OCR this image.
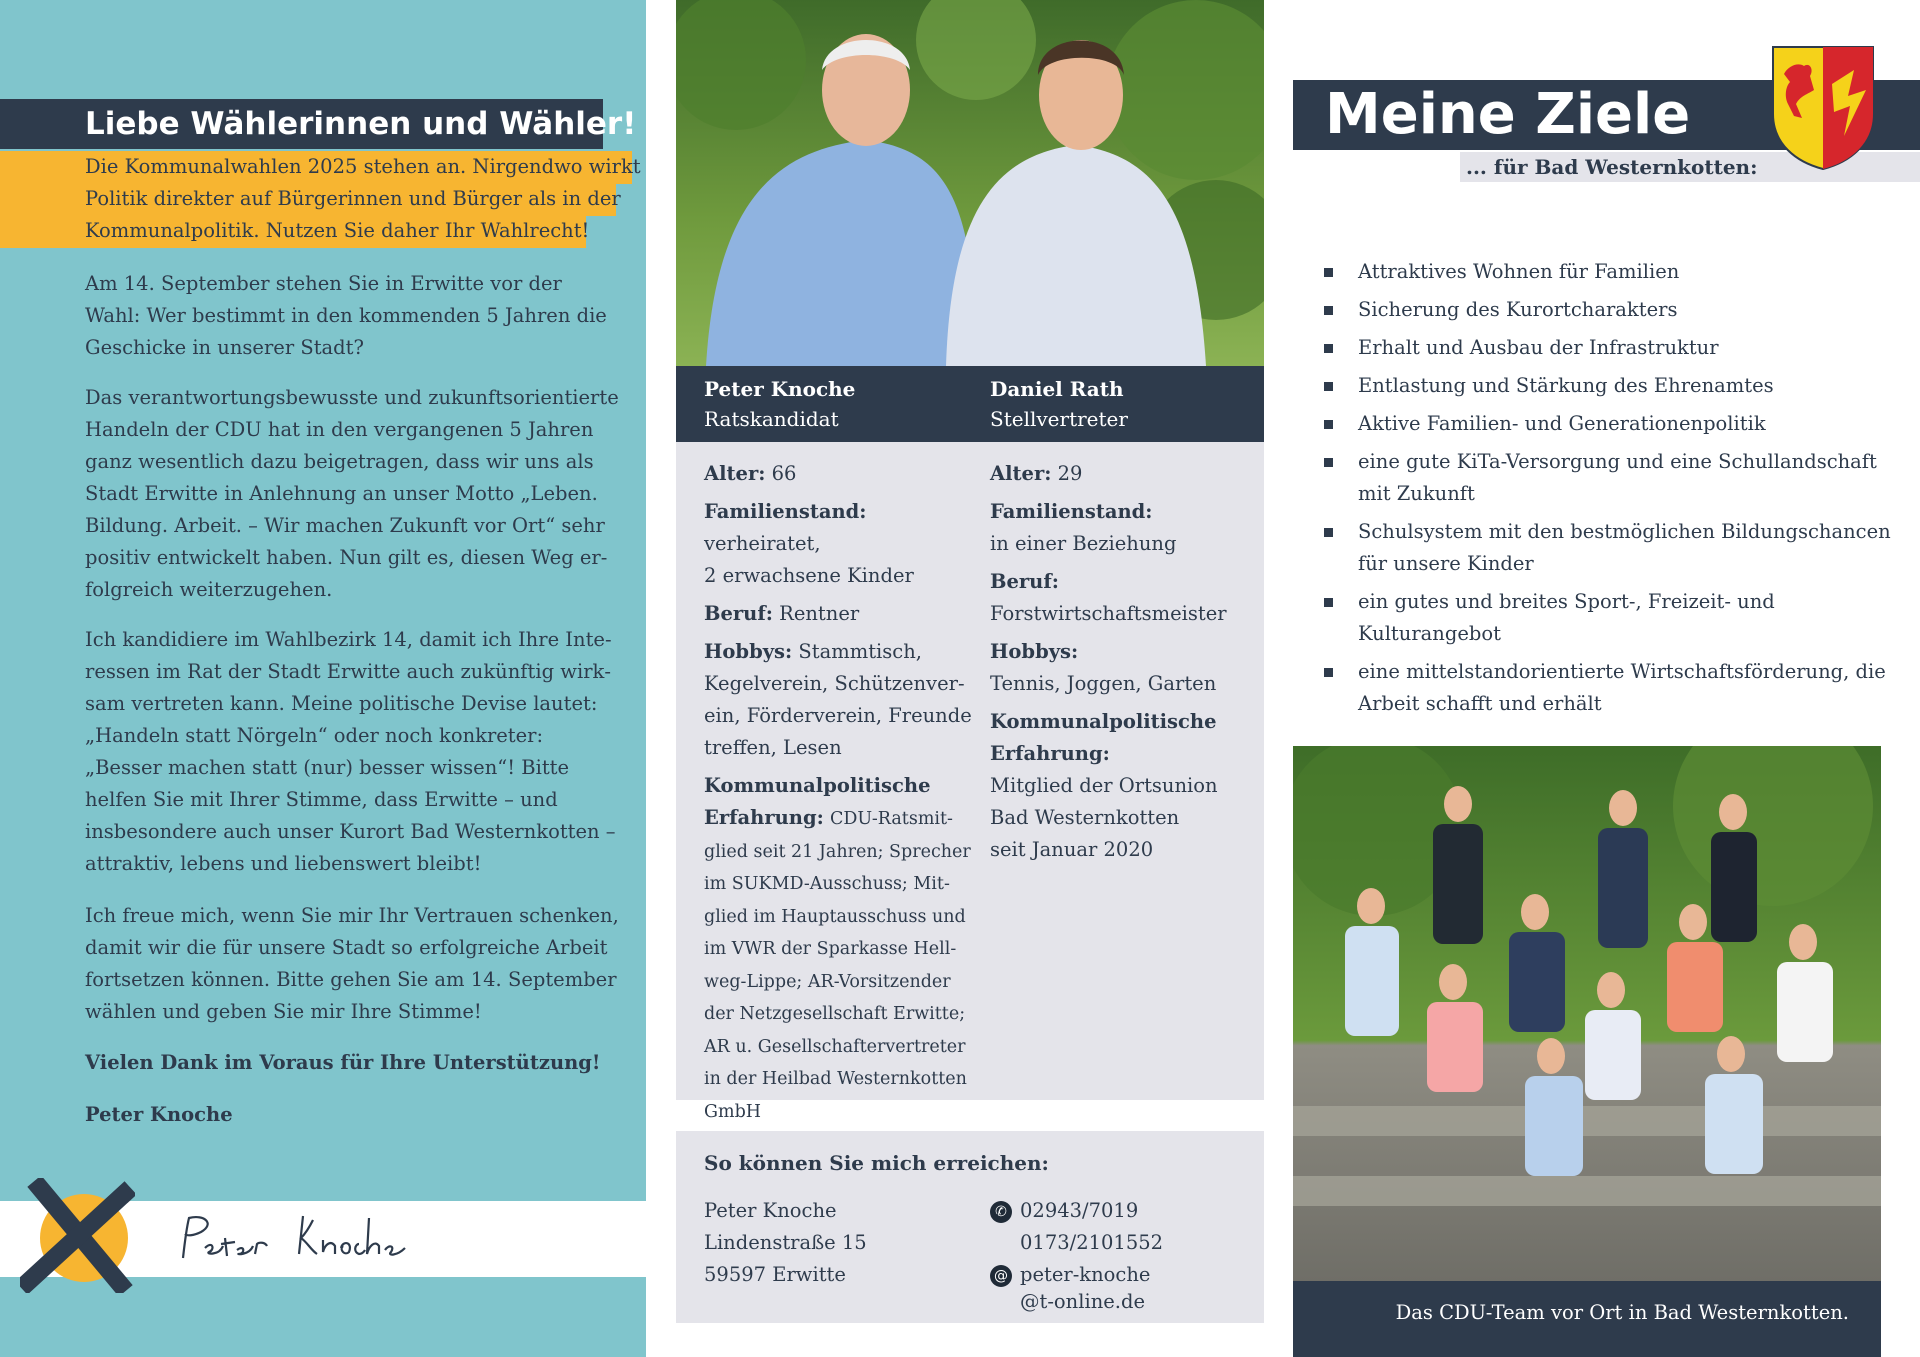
Liebe Wählerinnen und Wähler!
Die Kommunalwahlen 2025 stehen an. Nirgendwo wirkt
Politik direkter auf Bürgerinnen und Bürger als in der
Kommunalpolitik. Nutzen Sie daher Ihr Wahlrecht!
Am 14. September stehen Sie in Erwitte vor der Wahl: Wer bestimmt in den kommenden 5 Jahren die Geschicke in unserer Stadt?
Das verantwortungsbewusste und zukunftsorientierte Handeln der CDU hat in den vergangenen 5 Jahren ganz wesentlich dazu beigetragen, dass wir uns als Stadt Erwitte in Anlehnung an unser Motto „Leben. Bildung. Arbeit. – Wir machen Zukunft vor Ort“ sehr positiv entwickelt haben. Nun gilt es, diesen Weg erfolgreich weiterzugehen.
Ich kandidiere im Wahlbezirk 14, damit ich Ihre Interessen im Rat der Stadt Erwitte auch zukünftig wirksam vertreten kann. Meine politische Devise lautet: „Handeln statt Nörgeln“ oder noch konkreter: „Besser machen statt (nur) besser wissen“! Bitte helfen Sie mit Ihrer Stimme, dass Erwitte – und insbesondere auch unser Kurort Bad Westernkotten – attraktiv, lebens und liebenswert bleibt!
Ich freue mich, wenn Sie mir Ihr Vertrauen schenken, damit wir die für unsere Stadt so erfolgreiche Arbeit fortsetzen können. Bitte gehen Sie am 14. September wählen und geben Sie mir Ihre Stimme!
Vielen Dank im Voraus für Ihre Unterstützung!
Peter Knoche
Peter Knoche
Ratskandidat
Daniel Rath
Stellvertreter

Alter: 66

Familienstand:
verheiratet,
2 erwachsene Kinder

Beruf: Rentner

Hobbys: Stammtisch, Kegelverein, Schützenverein, Förderverein, Freunde treffen, Lesen

Kommunalpolitische
Erfahrung: CDU-Ratsmitglied seit 21 Jahren; Sprecher im SUKMD-Ausschuss; Mitglied im Hauptausschuss und im VWR der Sparkasse Hellweg-Lippe; AR-Vorsitzender der Netzgesellschaft Erwitte; AR u. Gesellschaftervertreter in der Heilbad Westernkotten GmbH

Alter: 29

Familienstand:
in einer Beziehung

Beruf:
Forstwirtschaftsmeister

Hobbys:
Tennis, Joggen, Garten

Kommunalpolitische
Erfahrung:
Mitglied der Ortsunion
Bad Westernkotten
seit Januar 2020

So können Sie mich erreichen:
Peter Knoche
Lindenstraße 15
59597 Erwitte
✆ 02943/7019
0173/2101552
@ peter-knoche
@t-online.de
Meine Ziele
... für Bad Westernkotten:
Attraktives Wohnen für Familien
Sicherung des Kurortcharakters
Erhalt und Ausbau der Infrastruktur
Entlastung und Stärkung des Ehrenamtes
Aktive Familien- und Generationenpolitik
eine gute KiTa-Versorgung und eine Schullandschaft mit Zukunft
Schulsystem mit den bestmöglichen Bildungschancen für unsere Kinder
ein gutes und breites Sport-, Freizeit- und Kulturangebot
eine mittelstandorientierte Wirtschaftsförderung, die Arbeit schafft und erhält
Das CDU-Team vor Ort in Bad Westernkotten.
